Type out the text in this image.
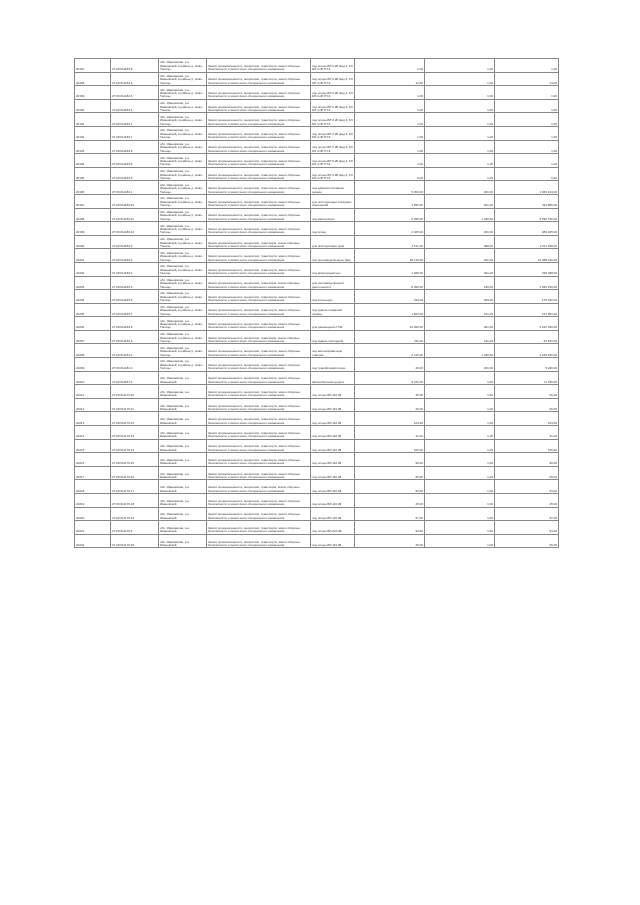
20167	27:00:011184:8	обл. Ивановская, р-н Ивановский, в районе д. Ново-Талицы	Земли промышленности, энергетики, транспорта, земли обороны, безопасности и земли иного специального назначения	под опоры ВЛ 6 кВ фид.3, 6Л 6/0,4 кВ ТП-9	1,00	1,00	1,00
20168	27:00:011184:9	обл. Ивановская, р-н Ивановский, в районе д. Ново-Талицы	Земли промышленности, энергетики, транспорта, земли обороны, безопасности и земли иного специального назначения	под опоры ВЛ 6 кВ фид.3, 6Л 6/0,4 кВ ТП-9	14,00	1,00	14,00
20169	27:00:011184:6	обл. Ивановская, р-н Ивановский, в районе д. Ново-Талицы	Земли промышленности, энергетики, транспорта, земли обороны, безопасности и земли иного специального назначения	под опоры ВЛ 6 кВ фид.3, 6Л 6/0,4 кВ ТП-9	1,00	1,00	1,00
20190	27:00:011184:5	обл. Ивановская, р-н Ивановский, в районе д. Ново-Талицы	Земли промышленности, энергетики, транспорта, земли обороны, безопасности и земли иного специального назначения	под опоры ВЛ 6 кВ фид.3, 6Л 6/0,4 кВ ТП-9	1,00	1,00	1,00
20191	27:00:011183:1	обл. Ивановская, р-н Ивановский, в районе д. Ново-Талицы	Земли промышленности, энергетики, транспорта, земли обороны, безопасности и земли иного специального назначения	под опоры ВЛ 6 кВ фид.3, 6Л 6/0,4 кВ ТП-9	1,00	1,00	1,00
20192	27:00:011183:7	обл. Ивановская, р-н Ивановский, в районе д. Ново-Талицы	Земли промышленности, энергетики, транспорта, земли обороны, безопасности и земли иного специального назначения	под опоры ВЛ 6 кВ фид.3, 6Л 6/0,4 кВ ТП-9	1,00	1,00	1,00
20193	27:00:011183:8	обл. Ивановская, р-н Ивановский, в районе д. Ново-Талицы	Земли промышленности, энергетики, транспорта, земли обороны, безопасности и земли иного специального назначения	под опоры ВЛ 6 кВ фид.3, 6Л 6/0,4 кВ ТП-9	1,00	1,00	1,00
20194	27:00:011183:9	обл. Ивановская, р-н Ивановский, в районе д. Ново-Талицы	Земли промышленности, энергетики, транспорта, земли обороны, безопасности и земли иного специального назначения	под опоры ВЛ 6 кВ фид.3, 6Л 6/0,4 кВ ТП-9	1,00	1,00	1,00
20195	27:00:011183:6	обл. Ивановская, р-н Ивановский, в районе д. Ново-Талицы	Земли промышленности, энергетики, транспорта, земли обороны, безопасности и земли иного специального назначения	под опоры ВЛ 6 кВ фид.3, 6Л 6/0,4 кВ ТП-9	6,00	1,00	6,00
20196	27:00:011183:1	обл. Ивановская, р-н Ивановский, в районе д. Ново-Талицы	Земли промышленности, энергетики, транспорта, земли обороны, безопасности и земли иного специального назначения	под административное здание	5 304,00	201,00	1 066 104,00
20197	27:00:011183:10	обл. Ивановская, р-н Ивановский, в районе д. Ново-Талицы	Земли промышленности, энергетики, транспорта, земли обороны, безопасности и земли иного специального назначения	для эксплуатации складских помещений	1 666,00	201,00	334 866,00
20198	27:00:011183:11	обл. Ивановская, р-н Ивановский, в районе д. Ново-Талицы	Земли промышленности, энергетики, транспорта, земли обороны, безопасности и земли иного специального назначения	под мастерскую	5 350,00	1 045,00	5 590 750,00
20199	27:00:011183:12	обл. Ивановская, р-н Ивановский, в районе д. Ново-Талицы	Земли промышленности, энергетики, транспорта, земли обороны, безопасности и земли иного специального назначения	под склад	2 405,00	201,00	483 405,00
20200	27:00:011183:2	обл. Ивановская, р-н Ивановский, в районе д. Ново-Талицы	Земли промышленности, энергетики, транспорta, земли обороны, безопасности и земли иного специального назначения	для эксплуатации цеха	4 121,00	488,00	2 011 048,00
20201	27:00:011183:3	обл. Ивановская, р-н Ивановский, в районе д. Ново-Талицы	Земли промышленности, энергетики, транспорта, земли обороны, безопасности и земли иного специального назначения	под производственную базу	65 119,00	201,00	13 088 919,00
20202	27:00:011183:4	обл. Ивановская, р-н Ивановский, в районе д. Ново-Талицы	Земли промышленности, энергетики, транспорта, земли обороны, безопасности и земли иного специального назначения	под арматурный цех	1 468,00	201,00	295 068,00
20203	27:00:011183:5	обл. Ивановская, р-н Ивановский, в районе д. Ново-Талицы	Земли промышленности, энергетики, транспорta, земли обороны, безопасности и земли иного специального назначения	для производственной деятельности	8 360,00	199,00	1 663 640,00
20204	27:00:011183:6	обл. Ивановская, р-н Ивановский, в районе д. Ново-Талицы	Земли промышленности, энергетики, транспорта, земли обороны, безопасности и земли иного специального назначения	под котельную	444,00	403,00	178 932,00
20205	27:00:011183:7	обл. Ивановская, р-н Ивановский, в районе д. Ново-Талицы	Земли промышленности, энергетики, транспорта, земли обороны, безопасности и земли иного специального назначения	под здание пожарной охраны	1 663,00	101,00	167 963,00
20206	27:00:011183:8	обл. Ивановская, р-н Ивановский, в районе д. Ново-Талицы	Земли промышленности, энергетики, транспорта, земли обороны, безопасности и земли иного специального назначения	для размещения ГСМ	10 000,00	401,00	4 010 000,00
20207	27:00:011183:9	обл. Ивановская, р-н Ивановский, в районе д. Ново-Талицы	Земли промышленности, энергетики, транспорta, земли обороны, безопасности и земли иного специального назначения	под здание проходной	411,00	131,00	53 841,00
20208	27:00:011181:2	обл. Ивановская, р-н Ивановский, в районе д. Ново-Талицы	Земли промышленности, энергетики, транспорта, земли обороны, безопасности и земли иного специального назначения	под автозаправочную станцию	2 410,00	1 045,00	2 518 450,00
20209	27:00:011181:3	обл. Ивановская, р-н Ивановский, в районе д. Ново-Талицы	Земли промышленности, энергетики, транспорта, земли обороны, безопасности и земли иного специального назначения	под трансформаторную	26,00	201,00	5 226,00
20210	27:00:011187:4	обл. Ивановская, р-н Ивановский	Земли промышленности, энергетики, транспорта, земли обороны, безопасности и земли иного специального назначения	автомобильная дорога	9 472,00	1,00	11 336,00
20211	27:00:011179:10	обл. Ивановская, р-н Ивановский	Земли промышленности, энергетики, транспорта, земли обороны, безопасности и земли иного специального назначения	под опоры ВЛ-110 кВ	26,00	1,00	26,00
20212	27:00:011179:11	обл. Ивановская, р-н Ивановский	Земли промышленности, энергетики, транспорта, земли обороны, безопасности и земли иного специального назначения	под опоры ВЛ-110 кВ	26,00	1,00	26,00
20213	27:00:011179:12	обл. Ивановская, р-н Ивановский	Земли промышленности, энергетики, транспорта, земли обороны, безопасности и земли иного специального назначения	под опоры ВЛ-110 кВ	104,00	1,00	104,00
20214	27:00:011179:13	обл. Ивановская, р-н Ивановский	Земли промышленности, энергетики, транспорта, земли обороны, безопасности и земли иного специального назначения	под опоры ВЛ-110 кВ	41,00	1,00	41,00
20215	27:00:011179:14	обл. Ивановская, р-н Ивановский	Земли промышленности, энергетики, транспорта, земли обороны, безопасности и земли иного специального назначения	под опоры ВЛ-110 кВ	105,00	1,00	105,00
20216	27:00:011179:15	обл. Ивановская, р-н Ивановский	Земли промышленности, энергетики, транспорта, земли обороны, безопасности и земли иного специального назначения	под опоры ВЛ-110 кВ	90,00	1,00	90,00
20217	27:00:011179:16	обл. Ивановская, р-н Ивановский	Земли промышленности, энергетики, транспорта, земли обороны, безопасности и земли иного специального назначения	под опоры ВЛ-110 кВ	60,00	1,00	60,00
20218	27:00:011179:17	обл. Ивановская, р-н Ивановский	Земли промышленности, энергетики, транспорta, земли обороны, безопасности и земли иного специального назначения	под опоры ВЛ-110 кВ	53,00	1,00	53,00
20219	27:00:011179:18	обл. Ивановская, р-н Ивановский	Земли промышленности, энергетики, транспорта, земли обороны, безопасности и земли иного специального назначения	под опоры ВЛ-110 кВ	25,00	1,00	25,00
20220	27:00:011179:19	обл. Ивановская, р-н Ивановский	Земли промышленности, энергетики, транспорта, земли обороны, безопасности и земли иного специального назначения	под опоры ВЛ-110 кВ	57,00	1,00	57,00
20221	27:00:011179:2	обл. Ивановская, р-н Ивановский	Земли промышленности, энергетики, транспорта, земли обороны, безопасности и земли иного специального назначения	под опоры ВЛ-220 кВ	94,00	1,00	94,00
20222	27:00:011179:20	обл. Ивановская, р-н Ивановский	Земли промышленности, энергетики, транспорта, земли обороны, безопасности и земли иного специального назначения	под опоры ВЛ-110 кВ	25,00	1,00	25,00
